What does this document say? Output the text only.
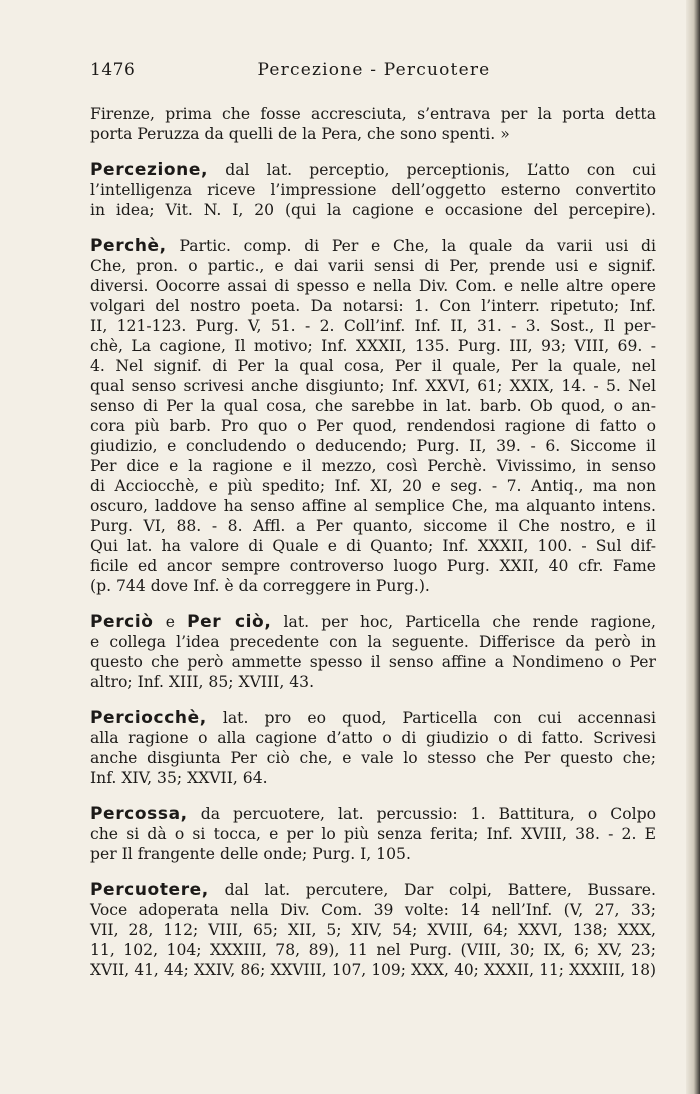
1476	Percezione - Percuotere
Firenze, prima che fosse accresciuta, s’entrava per la porta detta
porta Peruzza da quelli de la Pera, che sono spenti. »
Percezione, dal lat. perceptio, perceptionis, L’atto con cui
l’intelligenza riceve l’impressione dell’oggetto esterno convertito
in idea; Vit. N. I, 20 (qui la cagione e occasione del percepire).
Perchè, Partic. comp. di Per e Che, la quale da varii usi di
Che, pron. o partic., e dai varii sensi di Per, prende usi e signif.
diversi. Oocorre assai di spesso e nella Div. Com. e nelle altre opere
volgari del nostro poeta. Da notarsi: 1. Con l’interr. ripetuto; Inf.
II, 121-123. Purg. V, 51. - 2. Coll’inf. Inf. II, 31. - 3. Sost., Il per-
chè, La cagione, Il motivo; Inf. XXXII, 135. Purg. III, 93; VIII, 69. -
4. Nel signif. di Per la qual cosa, Per il quale, Per la quale, nel
qual senso scrivesi anche disgiunto; Inf. XXVI, 61; XXIX, 14. - 5. Nel
senso di Per la qual cosa, che sarebbe in lat. barb. Ob quod, o an-
cora più barb. Pro quo o Per quod, rendendosi ragione di fatto o
giudizio, e concludendo o deducendo; Purg. II, 39. - 6. Siccome il
Per dice e la ragione e il mezzo, così Perchè. Vivissimo, in senso
di Acciocchè, e più spedito; Inf. XI, 20 e seg. - 7. Antiq., ma non
oscuro, laddove ha senso affine al semplice Che, ma alquanto intens.
Purg. VI, 88. - 8. Affl. a Per quanto, siccome il Che nostro, e il
Qui lat. ha valore di Quale e di Quanto; Inf. XXXII, 100. - Sul dif-
ficile ed ancor sempre controverso luogo Purg. XXII, 40 cfr. Fame
(p. 744 dove Inf. è da correggere in Purg.).
Perciò e Per ciò, lat. per hoc, Particella che rende ragione,
e collega l’idea precedente con la seguente. Differisce da però in
questo che però ammette spesso il senso affine a Nondimeno o Per
altro; Inf. XIII, 85; XVIII, 43.
Perciocchè, lat. pro eo quod, Particella con cui accennasi
alla ragione o alla cagione d’atto o di giudizio o di fatto. Scrivesi
anche disgiunta Per ciò che, e vale lo stesso che Per questo che;
Inf. XIV, 35; XXVII, 64.
Percossa, da percuotere, lat. percussio: 1. Battitura, o Colpo
che si dà o si tocca, e per lo più senza ferita; Inf. XVIII, 38. - 2. E
per Il frangente delle onde; Purg. I, 105.
Percuotere, dal lat. percutere, Dar colpi, Battere, Bussare.
Voce adoperata nella Div. Com. 39 volte: 14 nell’Inf. (V, 27, 33;
VII, 28, 112; VIII, 65; XII, 5; XIV, 54; XVIII, 64; XXVI, 138; XXX,
11, 102, 104; XXXIII, 78, 89), 11 nel Purg. (VIII, 30; IX, 6; XV, 23;
XVII, 41, 44; XXIV, 86; XXVIII, 107, 109; XXX, 40; XXXII, 11; XXXIII, 18)
